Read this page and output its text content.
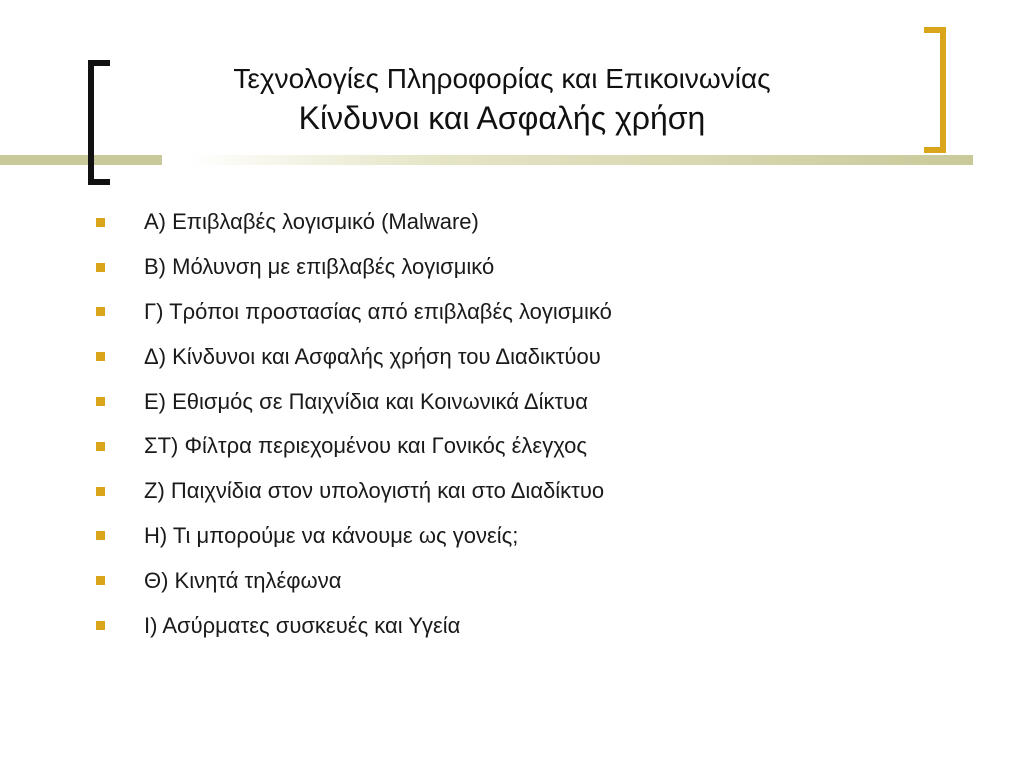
Τεχνολογίες Πληροφορίας και Επικοινωνίας
Κίνδυνοι και Ασφαλής χρήση
Α) Επιβλαβές λογισμικό (Malware)
Β) Μόλυνση με επιβλαβές λογισμικό
Γ) Τρόποι προστασίας από επιβλαβές λογισμικό
Δ) Κίνδυνοι και Ασφαλής χρήση του Διαδικτύου
Ε) Εθισμός σε Παιχνίδια και Κοινωνικά Δίκτυα
ΣΤ) Φίλτρα περιεχομένου και Γονικός έλεγχος
Ζ) Παιχνίδια στον υπολογιστή και στο Διαδίκτυο
Η) Τι μπορούμε να κάνουμε ως γονείς;
Θ) Κινητά τηλέφωνα
Ι) Ασύρματες συσκευές και Υγεία
